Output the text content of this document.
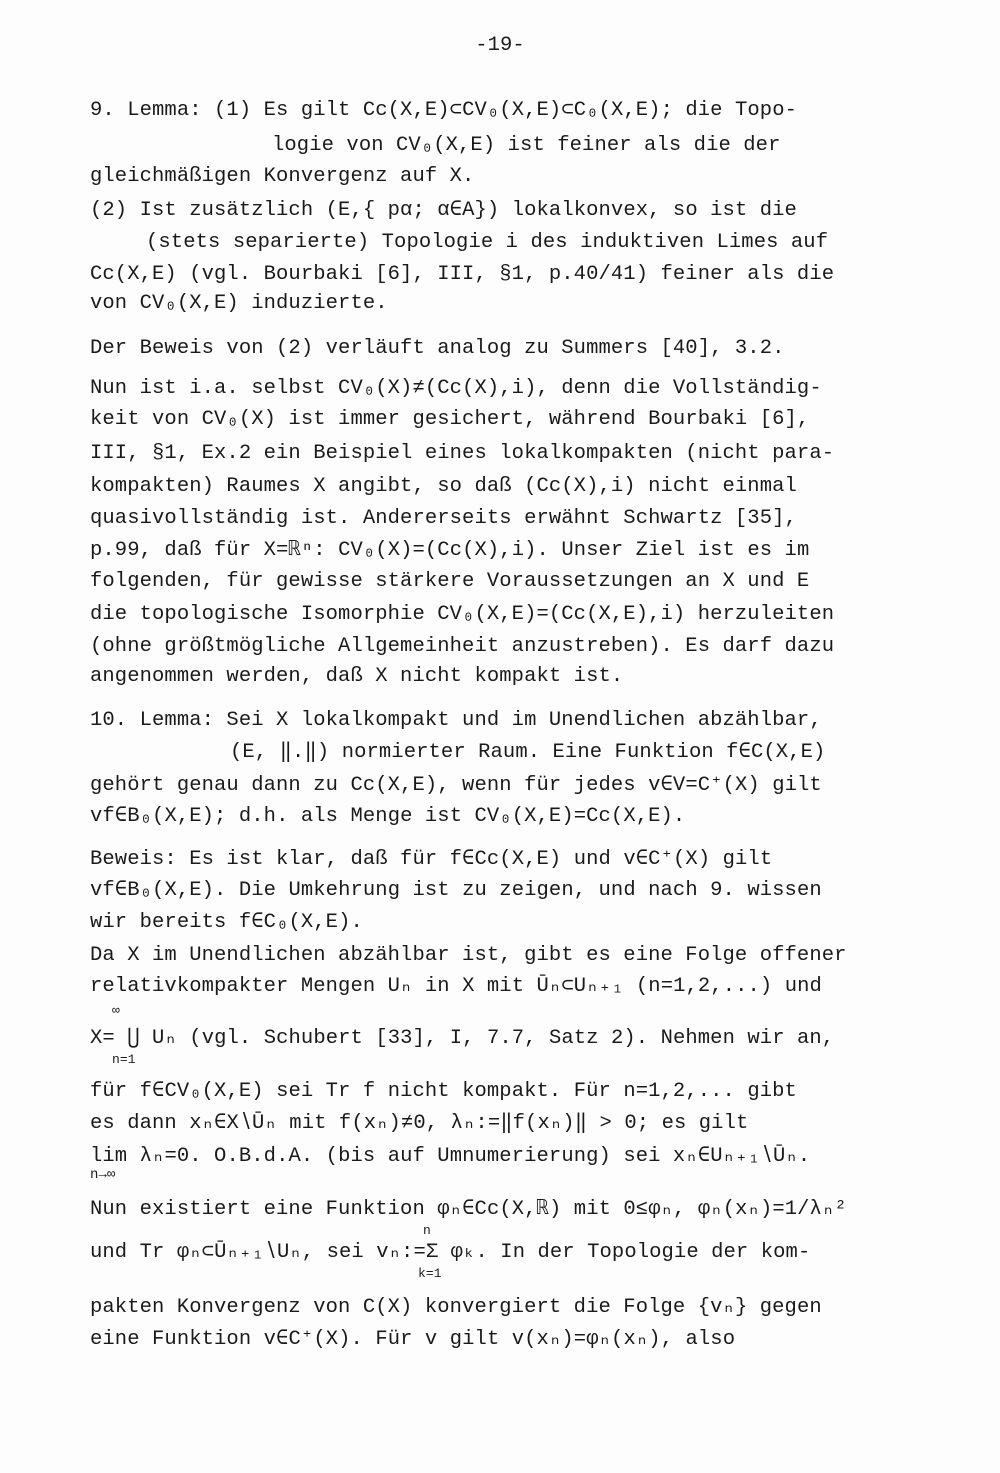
-19-
9. Lemma: (1) Es gilt Cc(X,E)⊂CV₀(X,E)⊂C₀(X,E); die Topo-
logie von CV₀(X,E) ist feiner als die der
gleichmäßigen Konvergenz auf X.
(2) Ist zusätzlich (E,{ pα; α∈A}) lokalkonvex, so ist die
(stets separierte) Topologie i des induktiven Limes auf
Cc(X,E) (vgl. Bourbaki [6], III, §1, p.40/41) feiner als die
von CV₀(X,E) induzierte.
Der Beweis von (2) verläuft analog zu Summers [40], 3.2.
Nun ist i.a. selbst CV₀(X)≠(Cc(X),i), denn die Vollständig-
keit von CV₀(X) ist immer gesichert, während Bourbaki [6],
III, §1, Ex.2 ein Beispiel eines lokalkompakten (nicht para-
kompakten) Raumes X angibt, so daß (Cc(X),i) nicht einmal
quasivollständig ist. Andererseits erwähnt Schwartz [35],
p.99, daß für X=ℝⁿ: CV₀(X)=(Cc(X),i). Unser Ziel ist es im
folgenden, für gewisse stärkere Voraussetzungen an X und E
die topologische Isomorphie CV₀(X,E)=(Cc(X,E),i) herzuleiten
(ohne größtmögliche Allgemeinheit anzustreben). Es darf dazu
angenommen werden, daß X nicht kompakt ist.
10. Lemma: Sei X lokalkompakt und im Unendlichen abzählbar,
(E, ‖.‖) normierter Raum. Eine Funktion f∈C(X,E)
gehört genau dann zu Cc(X,E), wenn für jedes v∈V=C⁺(X) gilt
vf∈B₀(X,E); d.h. als Menge ist CV₀(X,E)=Cc(X,E).
Beweis: Es ist klar, daß für f∈Cc(X,E) und v∈C⁺(X) gilt
vf∈B₀(X,E). Die Umkehrung ist zu zeigen, und nach 9. wissen
wir bereits f∈C₀(X,E).
Da X im Unendlichen abzählbar ist, gibt es eine Folge offener
relativkompakter Mengen Uₙ in X mit Ūₙ⊂Uₙ₊₁ (n=1,2,...) und
∞
X= ⋃ Uₙ (vgl. Schubert [33], I, 7.7, Satz 2). Nehmen wir an,
n=1
für f∈CV₀(X,E) sei Tr f nicht kompakt. Für n=1,2,... gibt
es dann xₙ∈X∖Ūₙ mit f(xₙ)≠0, λₙ:=‖f(xₙ)‖ > 0; es gilt
lim λₙ=0. O.B.d.A. (bis auf Umnumerierung) sei xₙ∈Uₙ₊₁∖Ūₙ.
n→∞
Nun existiert eine Funktion φₙ∈Cc(X,ℝ) mit 0≤φₙ, φₙ(xₙ)=1/λₙ²
n
und Tr φₙ⊂Ūₙ₊₁∖Uₙ, sei vₙ:=Σ φₖ. In der Topologie der kom-
k=1
pakten Konvergenz von C(X) konvergiert die Folge {vₙ} gegen
eine Funktion v∈C⁺(X). Für v gilt v(xₙ)=φₙ(xₙ), also
